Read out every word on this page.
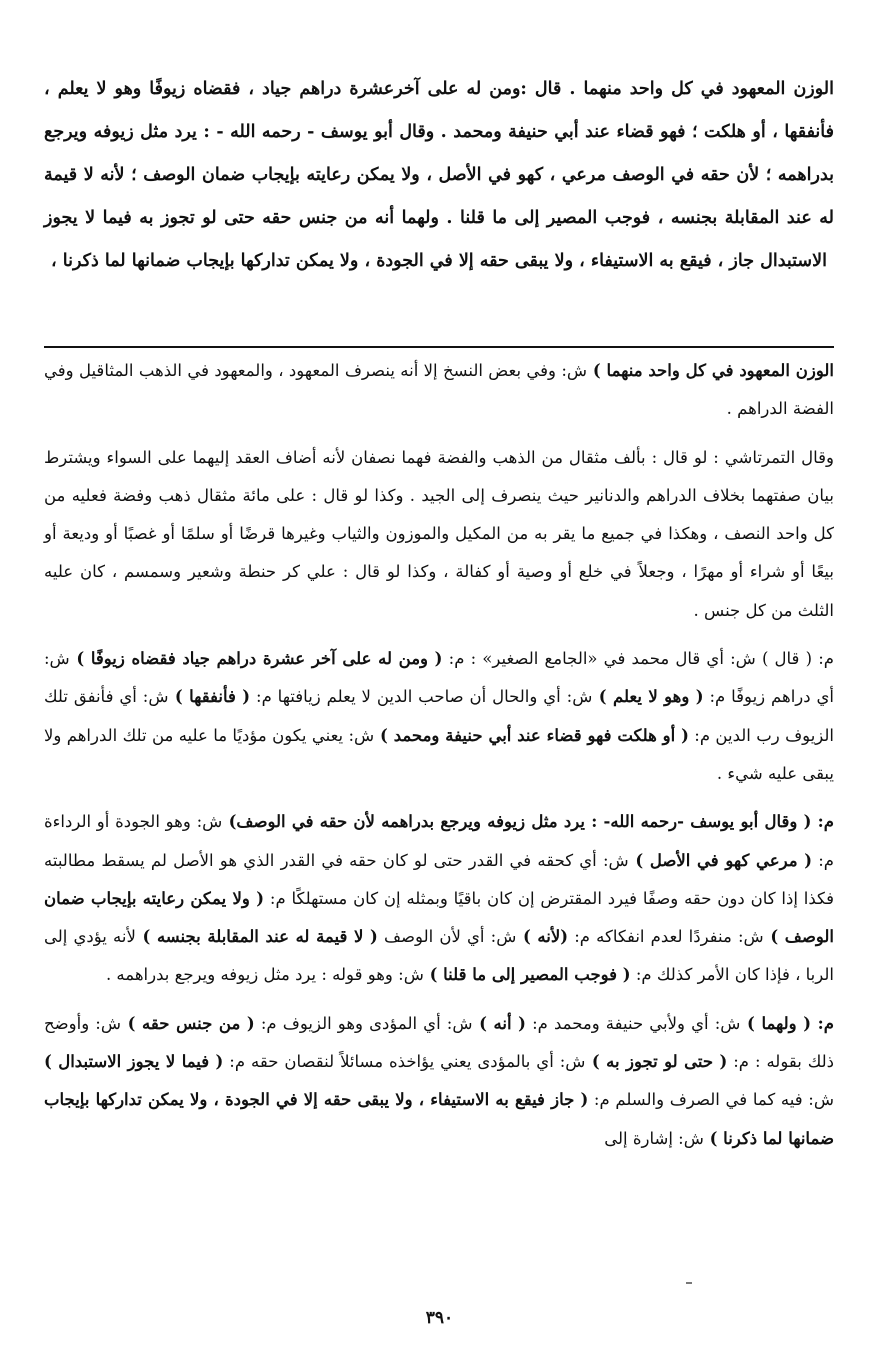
الوزن المعهود في كل واحد منهما . قال :ومن له على آخرعشرة دراهم جياد ، فقضاه زيوفًا وهو لا يعلم ، فأنفقها ، أو هلكت ؛ فهو قضاء عند أبي حنيفة ومحمد . وقال أبو يوسف - رحمه الله - : يرد مثل زيوفه ويرجع بدراهمه ؛ لأن حقه في الوصف مرعي ، كهو في الأصل ، ولا يمكن رعايته بإيجاب ضمان الوصف ؛ لأنه لا قيمة له عند المقابلة بجنسه ، فوجب المصير إلى ما قلنا . ولهما أنه من جنس حقه حتى لو تجوز به فيما لا يجوز الاستبدال جاز ، فيقع به الاستيفاء ، ولا يبقى حقه إلا في الجودة ، ولا يمكن تداركها بإيجاب ضمانها لما ذكرنا ،

الوزن المعهود في كل واحد منهما ) ش: وفي بعض النسخ إلا أنه ينصرف المعهود ، والمعهود في الذهب المثاقيل وفي الفضة الدراهم .

وقال التمرتاشي : لو قال : بألف مثقال من الذهب والفضة فهما نصفان لأنه أضاف العقد إليهما على السواء ويشترط بيان صفتهما بخلاف الدراهم والدنانير حيث ينصرف إلى الجيد . وكذا لو قال : على مائة مثقال ذهب وفضة فعليه من كل واحد النصف ، وهكذا في جميع ما يقر به من المكيل والموزون والثياب وغيرها قرضًا أو سلمًا أو غصبًا أو وديعة أو بيعًا أو شراء أو مهرًا ، وجعلاً في خلع أو وصية أو كفالة ، وكذا لو قال : علي كر حنطة وشعير وسمسم ، كان عليه الثلث من كل جنس .

م: ( قال ) ش: أي قال محمد في «الجامع الصغير» : م: ( ومن له على آخر عشرة دراهم جياد فقضاه زيوفًا ) ش: أي دراهم زيوفًا م: ( وهو لا يعلم ) ش: أي والحال أن صاحب الدين لا يعلم زيافتها م: ( فأنفقها ) ش: أي فأنفق تلك الزيوف رب الدين م: ( أو هلكت فهو قضاء عند أبي حنيفة ومحمد ) ش: يعني يكون مؤديًا ما عليه من تلك الدراهم ولا يبقى عليه شيء .

م: ( وقال أبو يوسف -رحمه الله- : يرد مثل زيوفه ويرجع بدراهمه لأن حقه في الوصف) ش: وهو الجودة أو الرداءة م: ( مرعي كهو في الأصل ) ش: أي كحقه في القدر حتى لو كان حقه في القدر الذي هو الأصل لم يسقط مطالبته فكذا إذا كان دون حقه وصفًا فيرد المقترض إن كان باقيًا وبمثله إن كان مستهلكًا م: ( ولا يمكن رعايته بإيجاب ضمان الوصف ) ش: منفردًا لعدم انفكاكه م: (لأنه ) ش: أي لأن الوصف ( لا قيمة له عند المقابلة بجنسه ) لأنه يؤدي إلى الربا ، فإذا كان الأمر كذلك م: ( فوجب المصير إلى ما قلنا ) ش: وهو قوله : يرد مثل زيوفه ويرجع بدراهمه .

م: ( ولهما ) ش: أي ولأبي حنيفة ومحمد م: ( أنه ) ش: أي المؤدى وهو الزيوف م: ( من جنس حقه ) ش: وأوضح ذلك بقوله : م: ( حتى لو تجوز به ) ش: أي بالمؤدى يعني يؤاخذه مسائلاً لنقصان حقه م: ( فيما لا يجوز الاستبدال ) ش: فيه كما في الصرف والسلم م: ( جاز فيقع به الاستيفاء ، ولا يبقى حقه إلا في الجودة ، ولا يمكن تداركها بإيجاب ضمانها لما ذكرنا ) ش: إشارة إلى

٣٩٠
